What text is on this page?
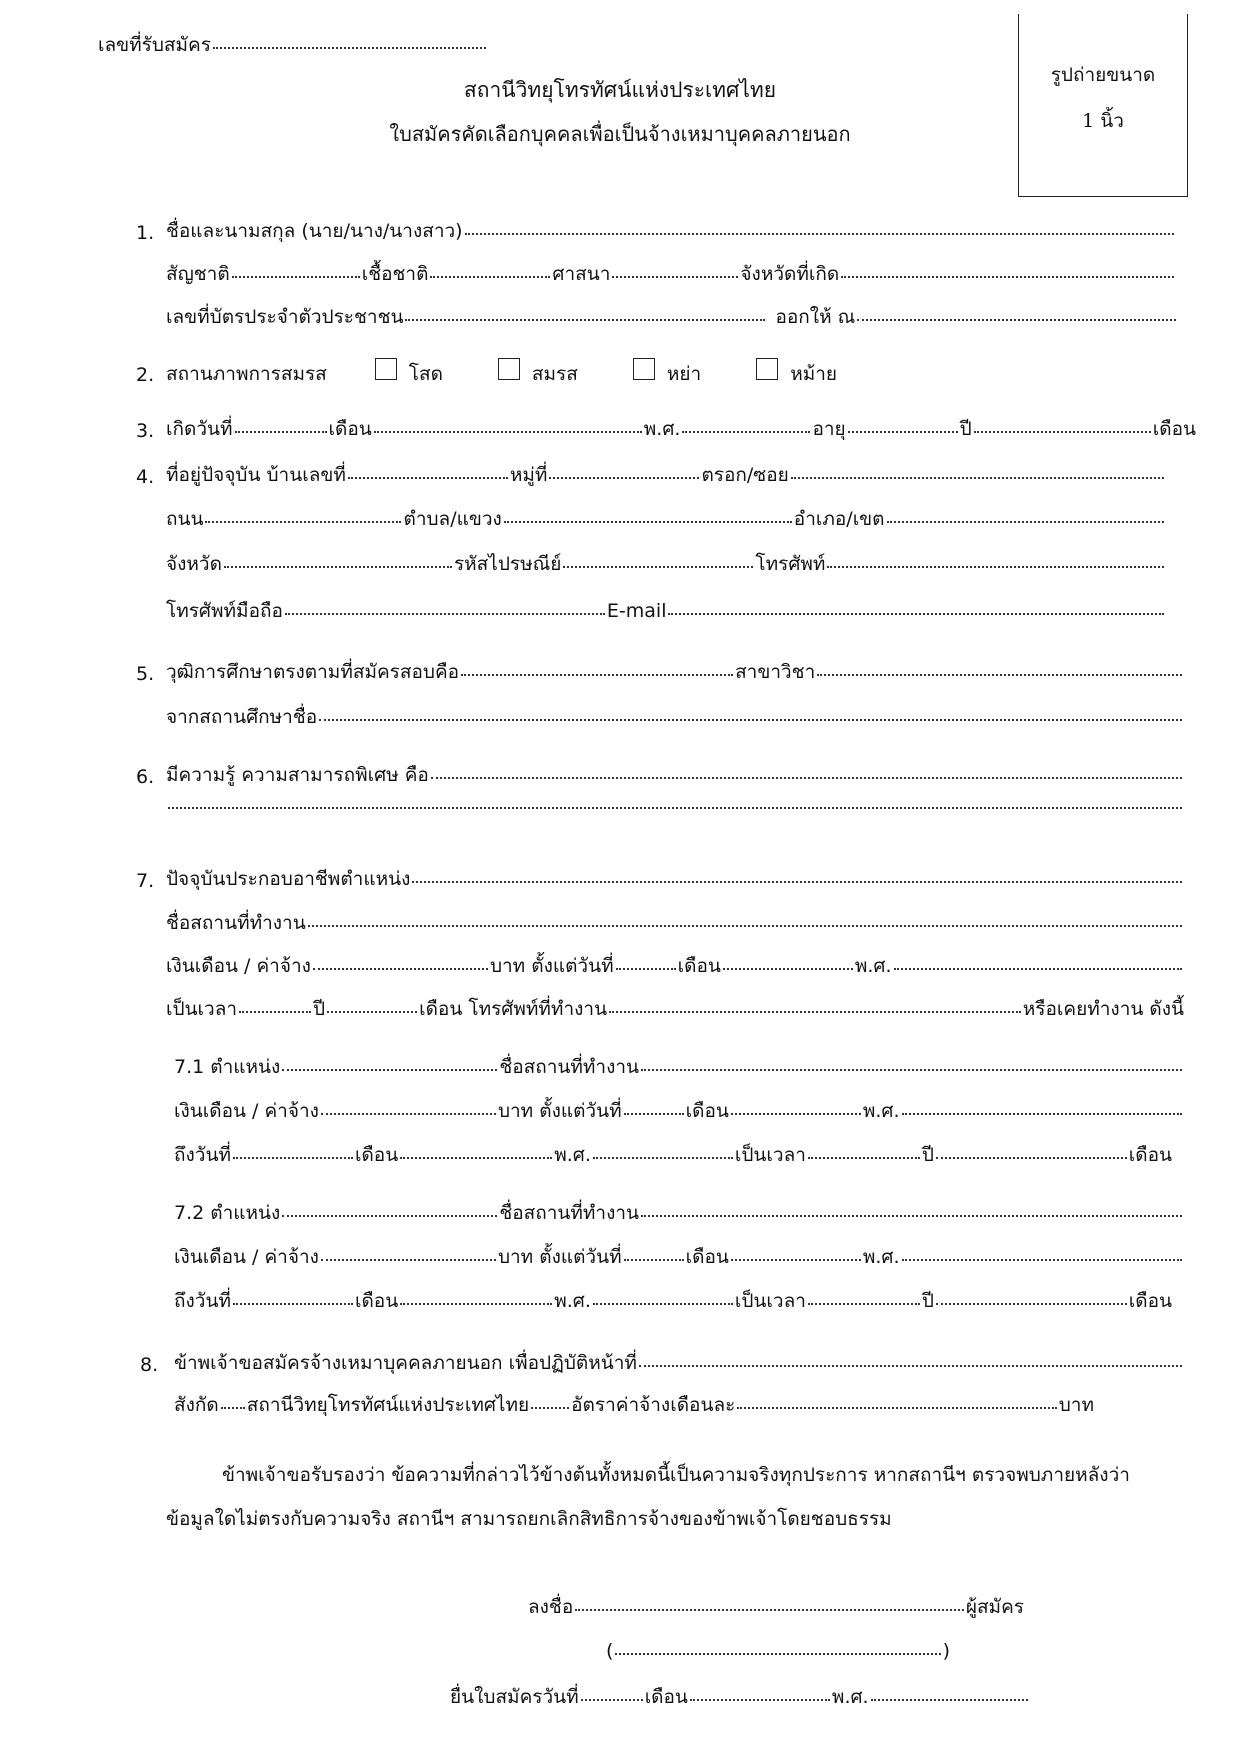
เลขที่รับสมัคร
สถานีวิทยุโทรทัศน์แห่งประเทศไทย
ใบสมัครคัดเลือกบุคคลเพื่อเป็นจ้างเหมาบุคคลภายนอก
รูปถ่ายขนาด
1 นิ้ว
1. ชื่อและนามสกุล (นาย/นาง/นางสาว)
สัญชาติ	เชื้อชาติ	ศาสนา	จังหวัดที่เกิด
เลขที่บัตรประจำตัวประชาชน	ออกให้ ณ
2. สถานภาพการสมรส	โสด	สมรส	หย่า	หม้าย
3. เกิดวันที่	เดือน	พ.ศ.	อายุ	ปี	เดือน
4. ที่อยู่ปัจจุบัน บ้านเลขที่	หมู่ที่	ตรอก/ซอย
ถนน	ตำบล/แขวง	อำเภอ/เขต
จังหวัด	รหัสไปรษณีย์	โทรศัพท์
โทรศัพท์มือถือ	E-mail
5. วุฒิการศึกษาตรงตามที่สมัครสอบคือ	สาขาวิชา
จากสถานศึกษาชื่อ
6. มีความรู้ ความสามารถพิเศษ คือ
7. ปัจจุบันประกอบอาชีพตำแหน่ง
ชื่อสถานที่ทำงาน
เงินเดือน / ค่าจ้าง	บาท ตั้งแต่วันที่	เดือน	พ.ศ.
เป็นเวลา	ปี	เดือน โทรศัพท์ที่ทำงาน	หรือเคยทำงาน ดังนี้
7.1 ตำแหน่ง	ชื่อสถานที่ทำงาน
เงินเดือน / ค่าจ้าง	บาท ตั้งแต่วันที่	เดือน	พ.ศ.
ถึงวันที่	เดือน	พ.ศ.	เป็นเวลา	ปี	เดือน
7.2 ตำแหน่ง	ชื่อสถานที่ทำงาน
เงินเดือน / ค่าจ้าง	บาท ตั้งแต่วันที่	เดือน	พ.ศ.
ถึงวันที่	เดือน	พ.ศ.	เป็นเวลา	ปี	เดือน
8. ข้าพเจ้าขอสมัครจ้างเหมาบุคคลภายนอก เพื่อปฏิบัติหน้าที่
สังกัด สถานีวิทยุโทรทัศน์แห่งประเทศไทย อัตราค่าจ้างเดือนละ	บาท
ข้าพเจ้าขอรับรองว่า ข้อความที่กล่าวไว้ข้างต้นทั้งหมดนี้เป็นความจริงทุกประการ หากสถานีฯ ตรวจพบภายหลังว่า
ข้อมูลใดไม่ตรงกับความจริง สถานีฯ สามารถยกเลิกสิทธิการจ้างของข้าพเจ้าโดยชอบธรรม
ลงชื่อ	ผู้สมัคร
(	)
ยื่นใบสมัครวันที่	เดือน	พ.ศ.
